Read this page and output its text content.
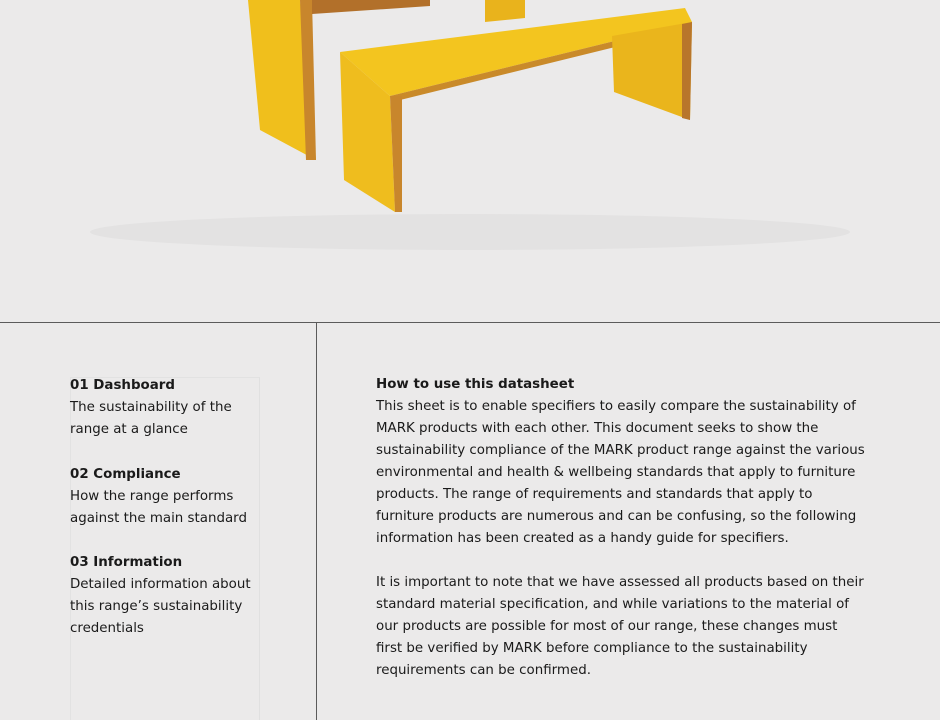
01 Dashboard
The sustainability of the range at a glance
02 Compliance
How the range performs against the main standard
03 Information
Detailed information about this range’s sustainability credentials
How to use this datasheet

This sheet is to enable specifiers to easily compare the sustainability of MARK products with each other. This document seeks to show the sustainability compliance of the MARK product range against the various environmental and health & wellbeing standards that apply to furniture products. The range of requirements and standards that apply to furniture products are numerous and can be confusing, so the following information has been created as a handy guide for specifiers.

It is important to note that we have assessed all products based on their standard material specification, and while variations to the material of our products are possible for most of our range, these changes must first be verified by MARK before compliance to the sustainability requirements can be confirmed.
